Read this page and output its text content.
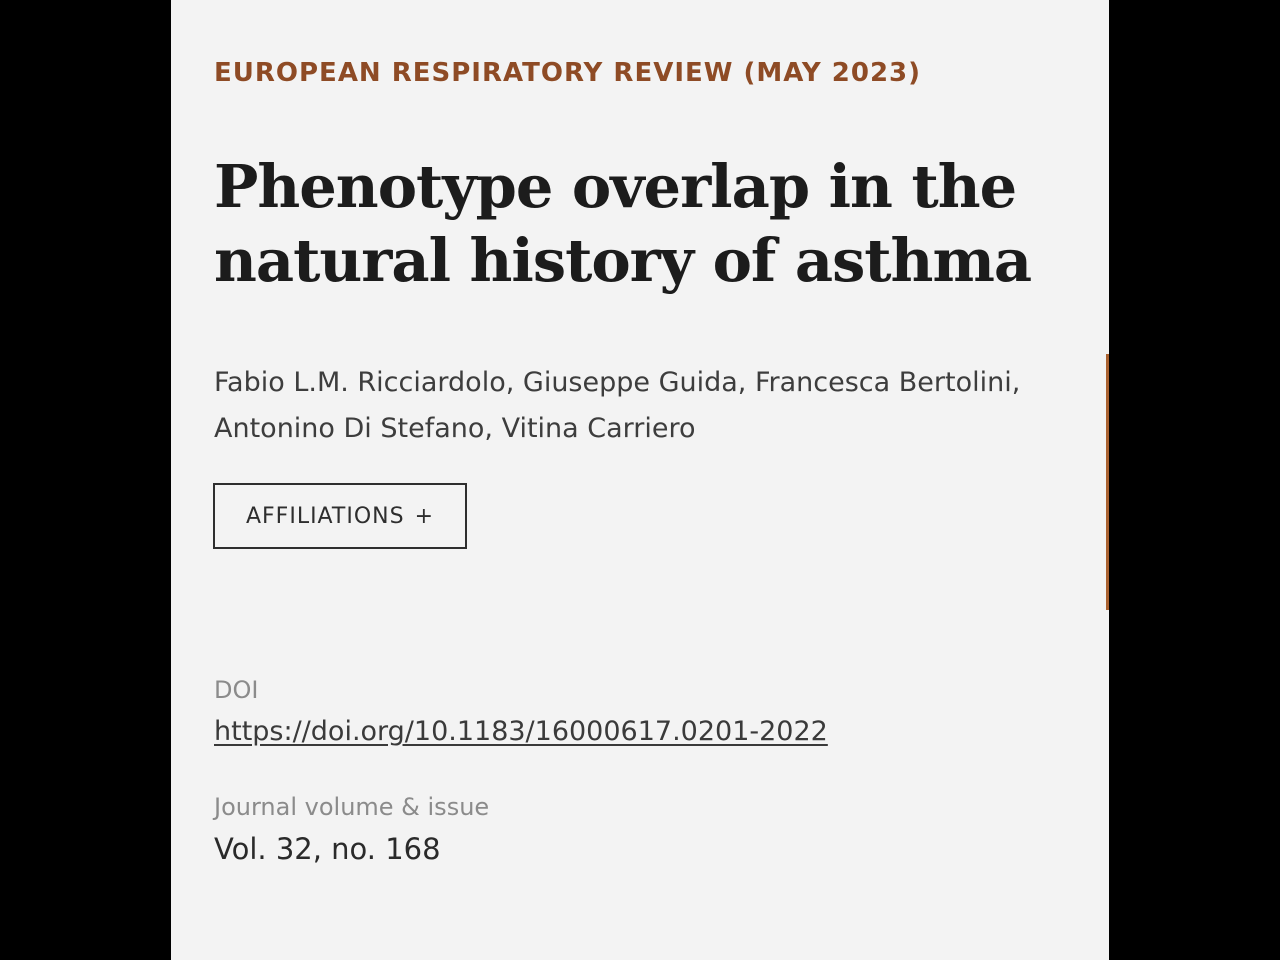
EUROPEAN RESPIRATORY REVIEW (MAY 2023)

Phenotype overlap in the
natural history of asthma

Fabio L.M. Ricciardolo, Giuseppe Guida, Francesca Bertolini,
Antonino Di Stefano, Vitina Carriero

AFFILIATIONS +

DOI

https://doi.org/10.1183/16000617.0201-2022

Journal volume & issue

Vol. 32, no. 168
